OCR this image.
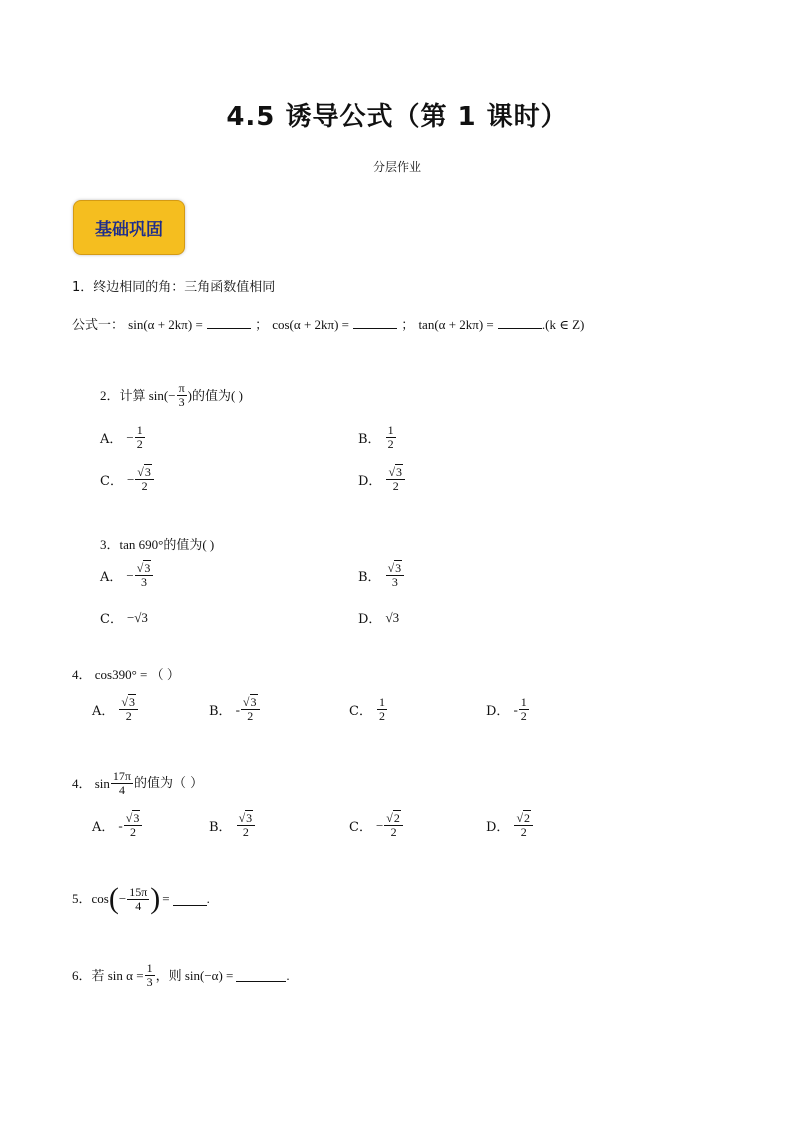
4.5 诱导公式（第 1 课时）
分层作业
基础巩固
1．终边相同的角：三角函数值相同
公式一： sin(α + 2kπ) =	； cos(α + 2kπ) =	； tan(α + 2kπ) =	.(k ∈ Z)
2．计算 $\sin(- \frac{\pi}{3}$ )的值为( )
A． − $\frac{1}{2}$	B． $\frac{1}{2}$
C． − $\frac{√3}{2}$	D． $\frac{√3}{2}$
3．tan 690°的值为( )
A． − $\frac{√3}{3}$	B． $\frac{√3}{3}$
C． −√3	D． √3
4． cos390° = （ ）
A． $\frac{√3}{2}$	B． - $\frac{√3}{2}$	C． $\frac{1}{2}$	D． - $\frac{1}{2}$
4． $\sin \frac{17\pi}{4}$ 的值为（ ）
A． - $\frac{√3}{2}$	B． $\frac{√3}{2}$	C． − $\frac{√2}{2}$	D． $\frac{√2}{2}$
5．cos ( − $\frac{15\pi}{4}$ ) =	.
6．若 $\sin \alpha = \frac{1}{3}$ ，则 sin(−α) =	.
